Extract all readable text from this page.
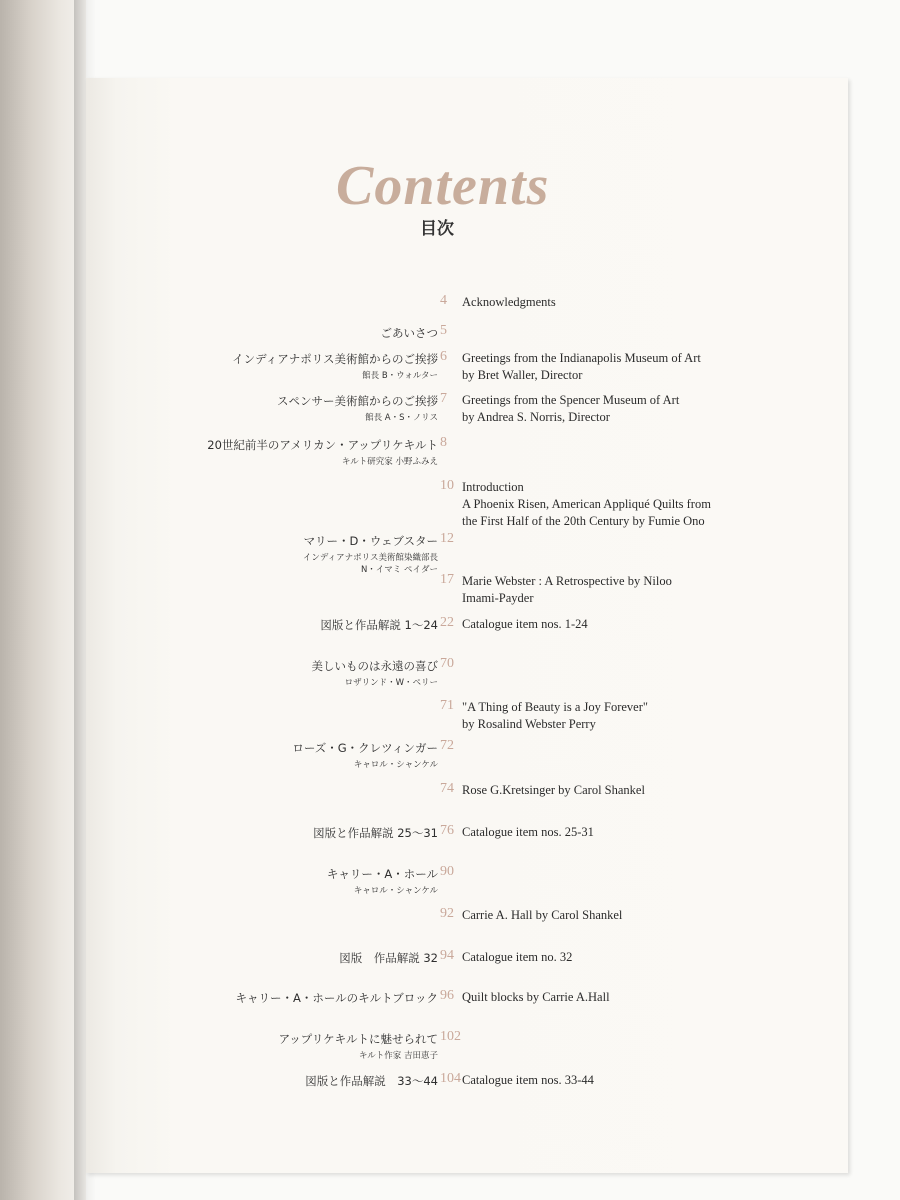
Contents
目次
4 Acknowledgments
ごあいさつ 5
インディアナポリス美術館からのご挨拶
館長 B・ウォルター
6 Greetings from the Indianapolis Museum of Art
by Bret Waller, Director
スペンサー美術館からのご挨拶
館長 A・S・ノリス
7 Greetings from the Spencer Museum of Art
by Andrea S. Norris, Director
20世紀前半のアメリカン・アップリケキルト
キルト研究家 小野ふみえ
8
10 Introduction
A Phoenix Risen, American Appliqué Quilts from
the First Half of the 20th Century by Fumie Ono
マリー・D・ウェブスター
インディアナポリス美術館染織部長
N・イマミ ペイダー
12
17 Marie Webster : A Retrospective by Niloo
Imami-Payder
図版と作品解説 1〜24 22 Catalogue item nos. 1-24
美しいものは永遠の喜び
ロザリンド・W・ペリー
70
71 "A Thing of Beauty is a Joy Forever"
by Rosalind Webster Perry
ローズ・G・クレツィンガー
キャロル・シャンケル
72
74 Rose G.Kretsinger by Carol Shankel
図版と作品解説 25〜31 76 Catalogue item nos. 25-31
キャリー・A・ホール
キャロル・シャンケル
90
92 Carrie A. Hall by Carol Shankel
図版　作品解説 32 94 Catalogue item no. 32
キャリー・A・ホールのキルトブロック 96 Quilt blocks by Carrie A.Hall
アップリケキルトに魅せられて
キルト作家 吉田恵子
102
図版と作品解説　33〜44 104 Catalogue item nos. 33-44
